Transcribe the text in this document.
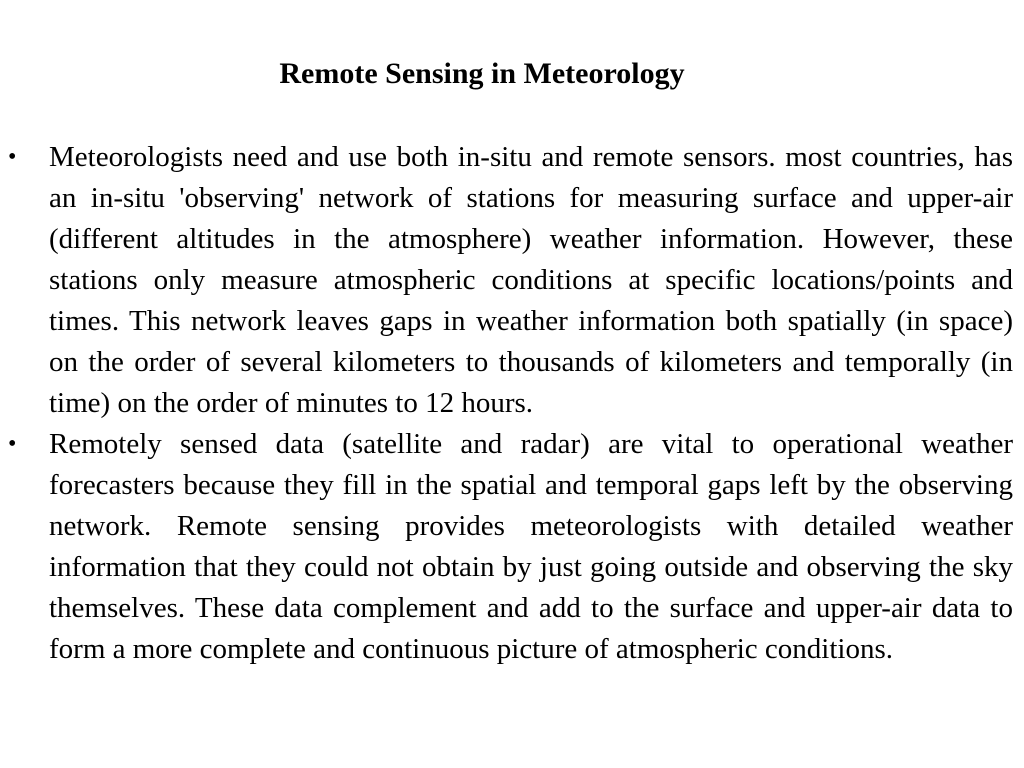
Remote Sensing in Meteorology
• Meteorologists need and use both in-situ and remote sensors. most countries, has an in-situ 'observing' network of stations for measuring surface and upper-air (different altitudes in the atmosphere) weather information. However, these stations only measure atmospheric conditions at specific locations/points and times. This network leaves gaps in weather information both spatially (in space) on the order of several kilometers to thousands of kilometers and temporally (in time) on the order of minutes to 12 hours.
• Remotely sensed data (satellite and radar) are vital to operational weather forecasters because they fill in the spatial and temporal gaps left by the observing network. Remote sensing provides meteorologists with detailed weather information that they could not obtain by just going outside and observing the sky themselves. These data complement and add to the surface and upper-air data to form a more complete and continuous picture of atmospheric conditions.
